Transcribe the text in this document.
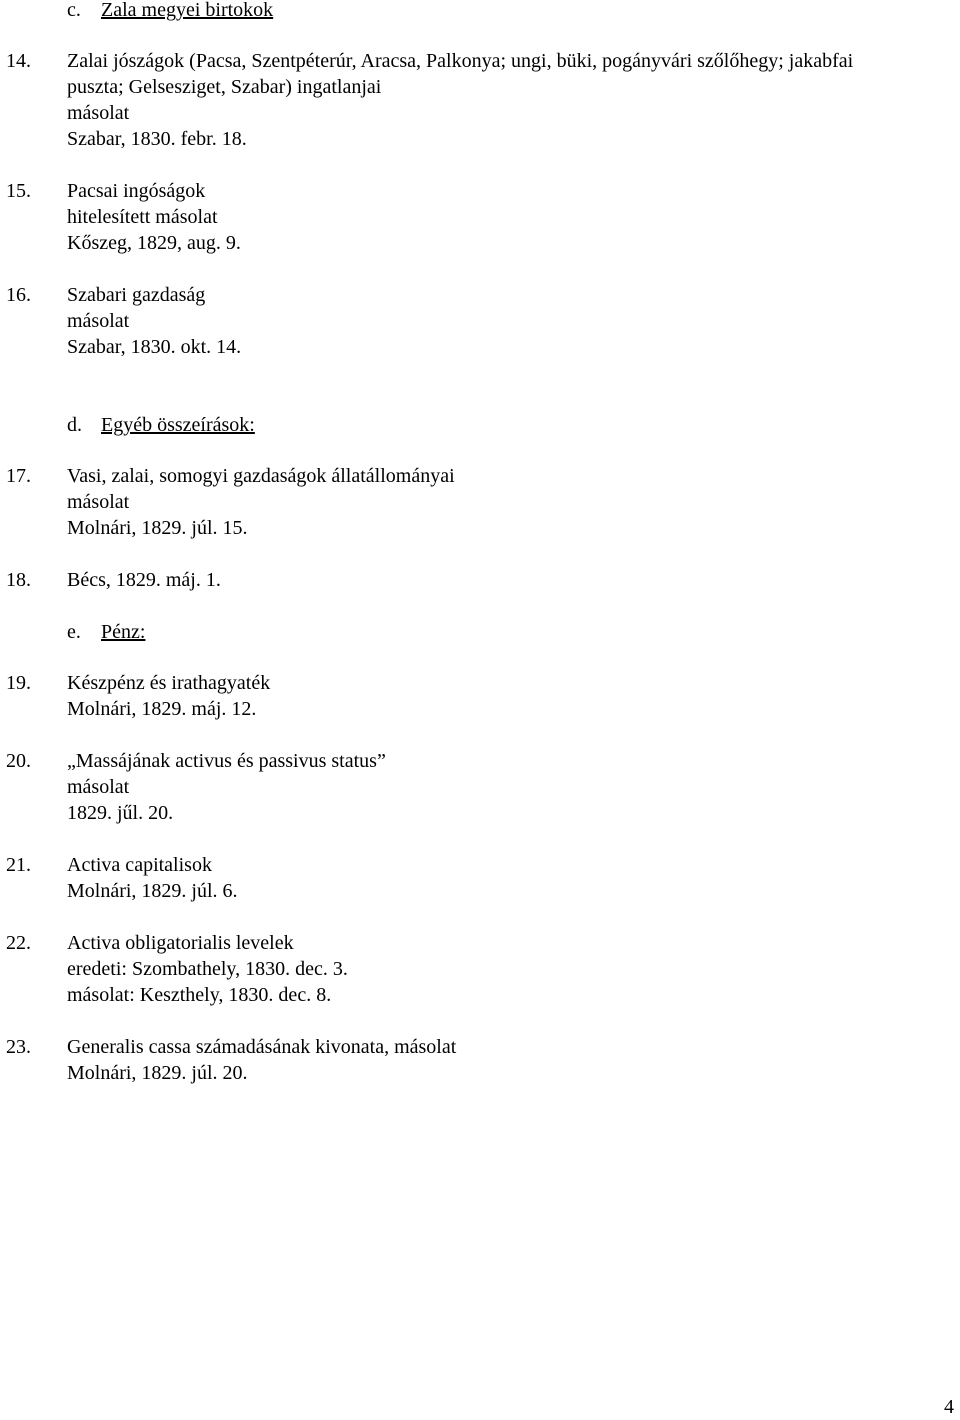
c. Zala megyei birtokok
14. Zalai jószágok (Pacsa, Szentpéterúr, Aracsa, Palkonya; ungi, büki, pogányvári szőlőhegy; jakabfai
puszta; Gelsesziget, Szabar) ingatlanjai
másolat
Szabar, 1830. febr. 18.
15. Pacsai ingóságok
hitelesített másolat
Kőszeg, 1829, aug. 9.
16. Szabari gazdaság
másolat
Szabar, 1830. okt. 14.
d. Egyéb összeírások:
17. Vasi, zalai, somogyi gazdaságok állatállományai
másolat
Molnári, 1829. júl. 15.
18. Bécs, 1829. máj. 1.
e. Pénz:
19. Készpénz és irathagyaték
Molnári, 1829. máj. 12.
20. „Massájának activus és passivus status”
másolat
1829. jűl. 20.
21. Activa capitalisok
Molnári, 1829. júl. 6.
22. Activa obligatorialis levelek
eredeti: Szombathely, 1830. dec. 3.
másolat: Keszthely, 1830. dec. 8.
23. Generalis cassa számadásának kivonata, másolat
Molnári, 1829. júl. 20.
4
